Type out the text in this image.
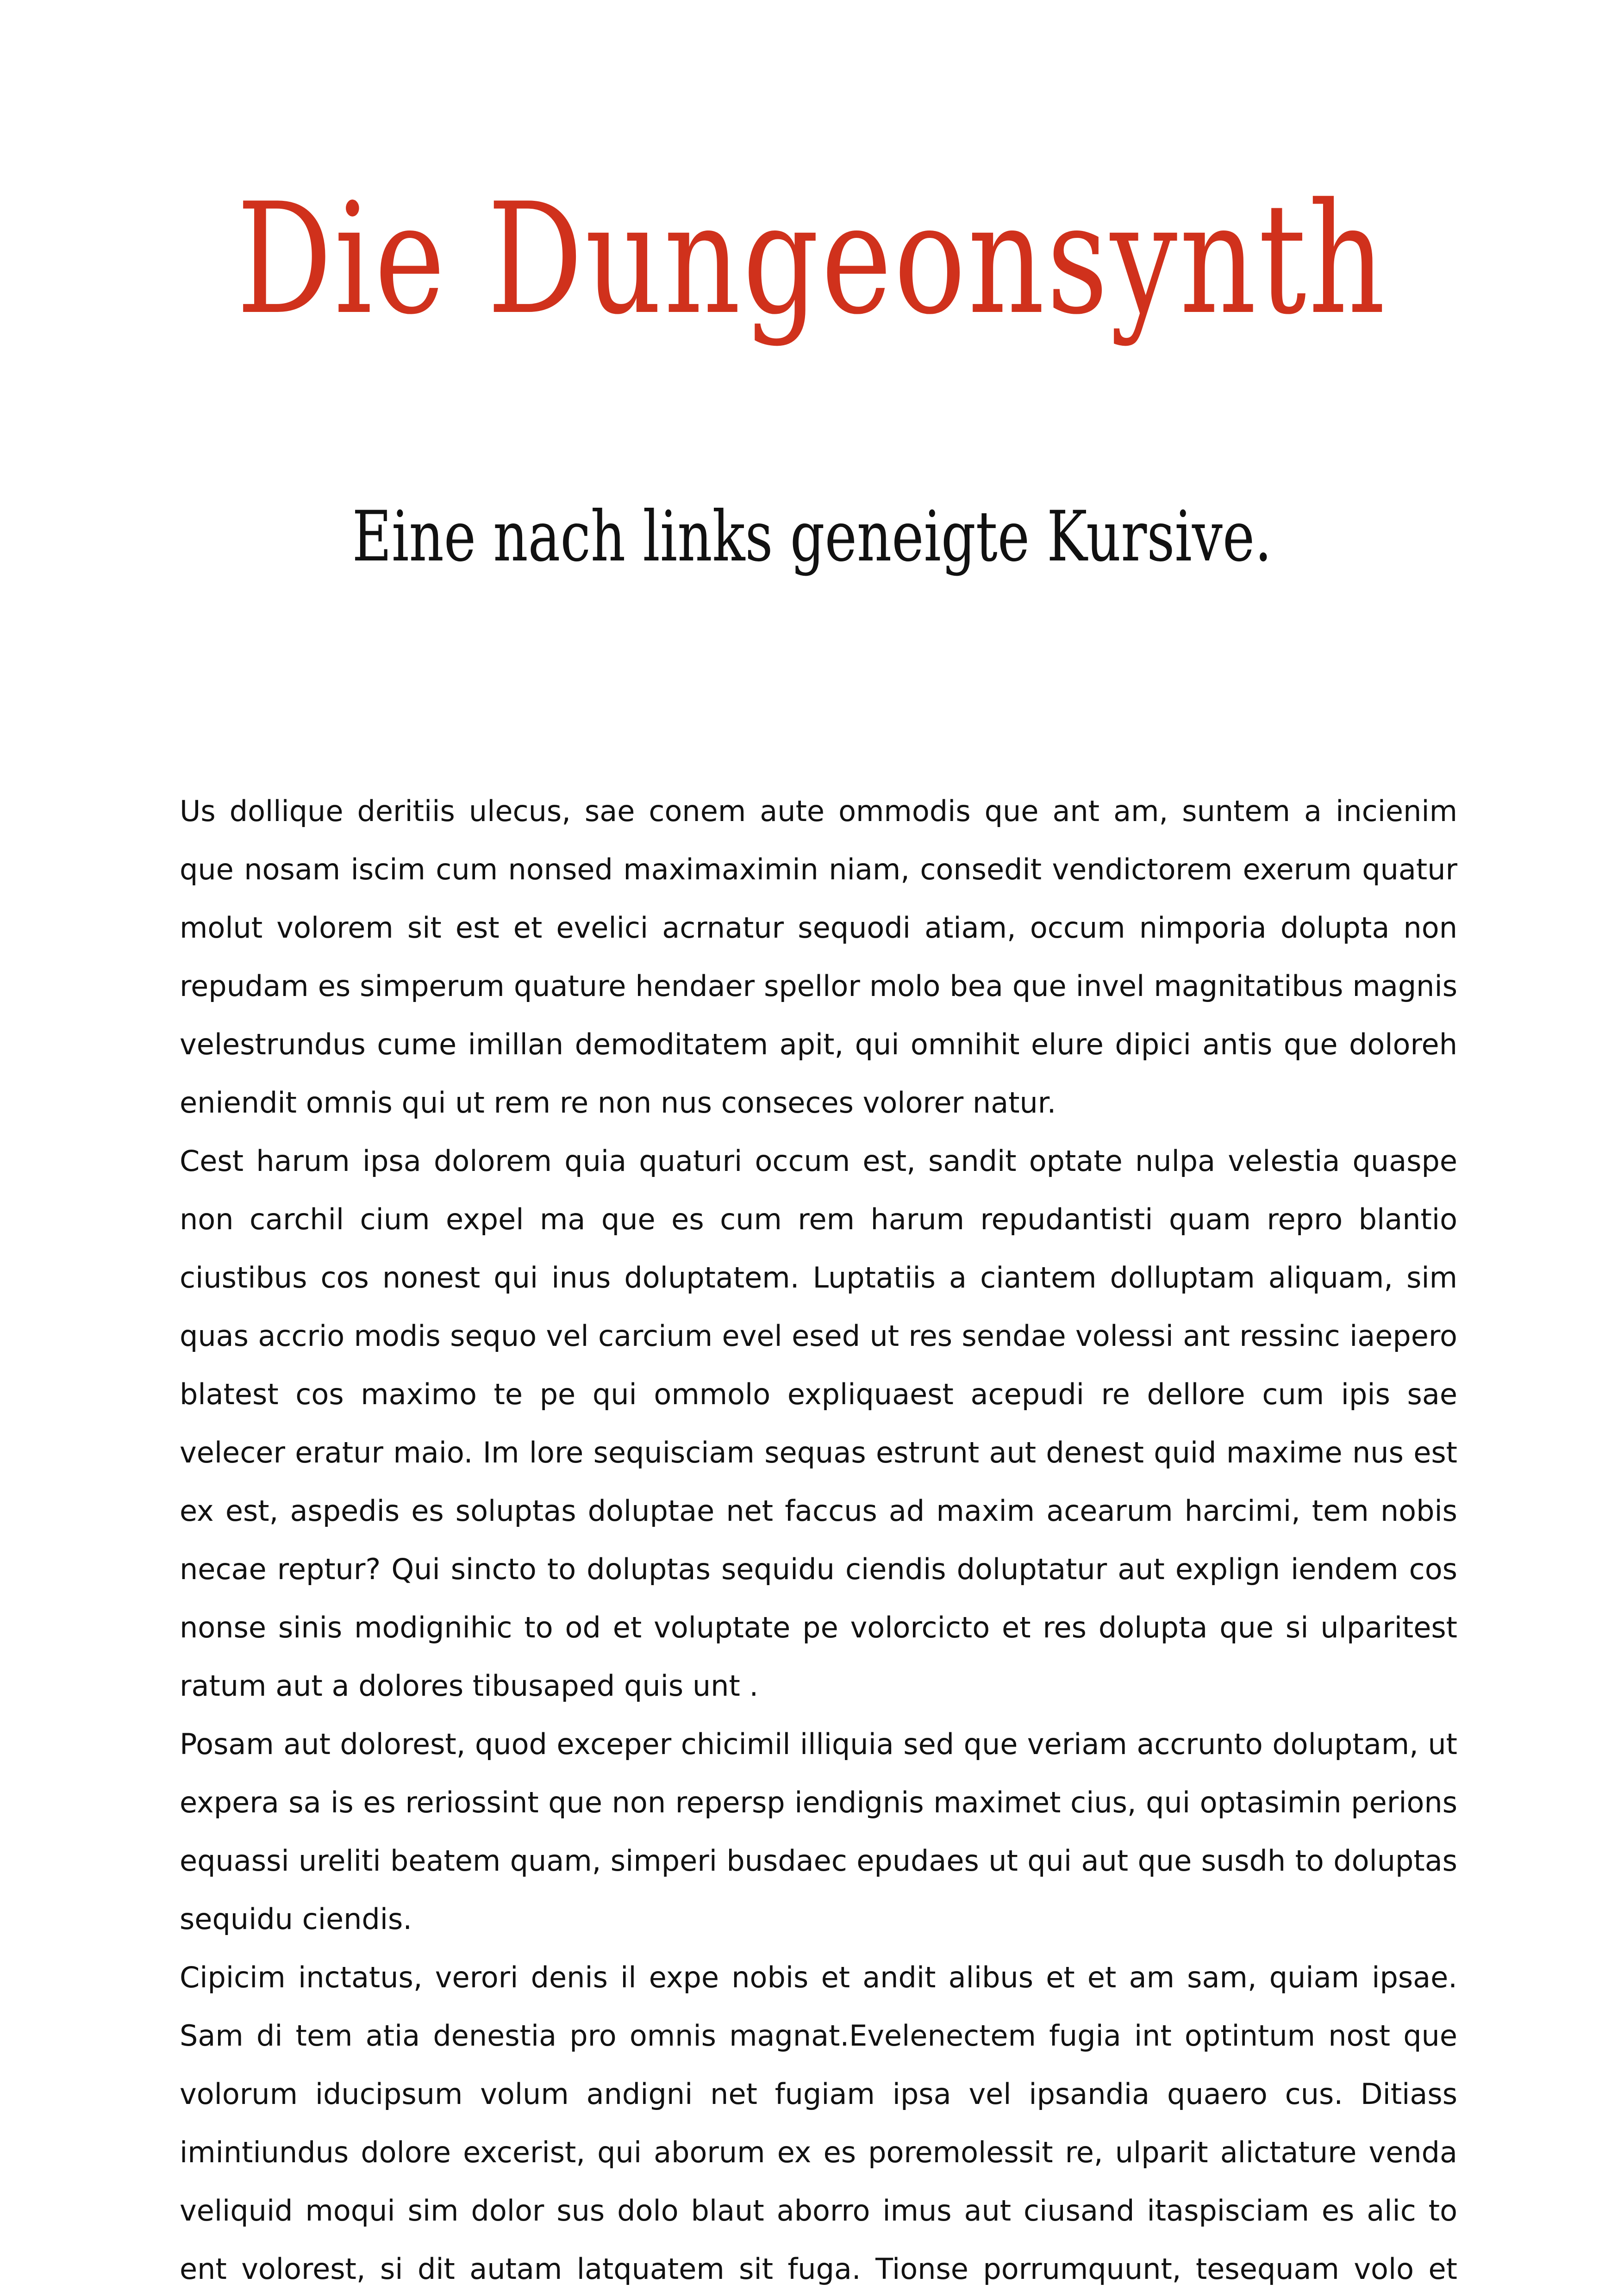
Die Dungeonsynth
Eine nach links geneigte Kursive.

Us dollique deritiis ulecus, sae conem aute ommodis que ant am, suntem a incienim que nosam iscim cum nonsed maximaximin niam, consedit vendictorem exerum quatur molut volorem sit est et evelici acrnatur sequodi atiam, occum nimporia dolupta non repudam es simperum quature hendaer spellor molo bea que invel magnitatibus magnis velestrundus cume imillan demoditatem apit, qui omnihit elure dipici antis que doloreh eniendit omnis qui ut rem re non nus conseces volorer natur.

Cest harum ipsa dolorem quia quaturi occum est, sandit optate nulpa velestia quaspe non carchil cium expel ma que es cum rem harum repudantisti quam repro blantio ciustibus cos nonest qui inus doluptatem. Luptatiis a ciantem dolluptam aliquam, sim quas accrio modis sequo vel carcium evel esed ut res sendae volessi ant ressinc iaepero blatest cos maximo te pe qui ommolo expliquaest acepudi re dellore cum ipis sae velecer eratur maio. Im lore sequisciam sequas estrunt aut denest quid maxime nus est ex est, aspedis es soluptas doluptae net faccus ad maxim acearum harcimi, tem nobis necae reptur? Qui sincto to doluptas sequidu ciendis doluptatur aut explign iendem cos nonse sinis modignihic to od et voluptate pe volorcicto et res dolupta que si ulparitest ratum aut a dolores tibusaped quis unt .

Posam aut dolorest, quod exceper chicimil illiquia sed que veriam accrunto doluptam, ut expera sa is es reriossint que non repersp iendignis maximet cius, qui optasimin perions equassi ureliti beatem quam, simperi busdaec epudaes ut qui aut que susdh to doluptas sequidu ciendis.

Cipicim inctatus, verori denis il expe nobis et andit alibus et et am sam, quiam ipsae. Sam di tem atia denestia pro omnis magnat.Evelenectem fugia int optintum nost que volorum iducipsum volum andigni net fugiam ipsa vel ipsandia quaero cus. Ditiass imintiundus dolore excerist, qui aborum ex es poremolessit re, ulparit alictature venda veliquid moqui sim dolor sus dolo blaut aborro imus aut ciusand itaspisciam es alic to ent volorest, si dit autam latquatem sit fuga. Tionse porrumquunt, tesequam volo et
